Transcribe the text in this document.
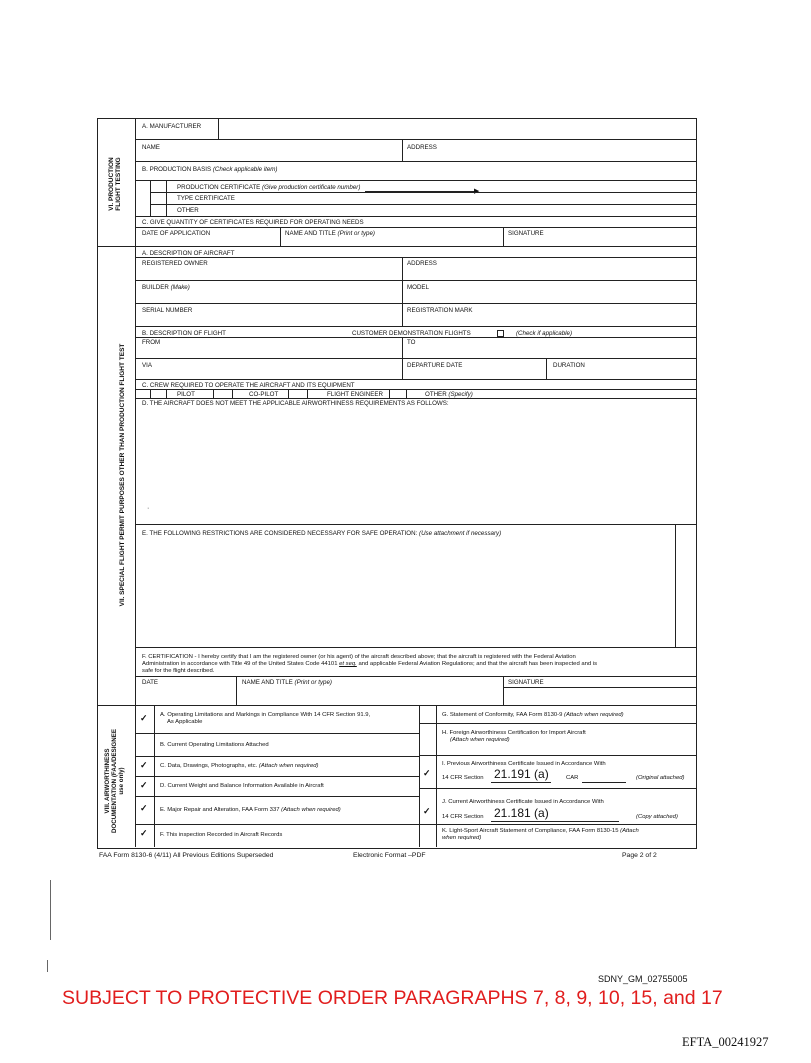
VI. PRODUCTION FLIGHT TESTING
A. MANUFACTURER
NAME	ADDRESS
B. PRODUCTION BASIS (Check applicable item)
PRODUCTION CERTIFICATE (Give production certificate number)
▶
TYPE CERTIFICATE
OTHER
C. GIVE QUANTITY OF CERTIFICATES REQUIRED FOR OPERATING NEEDS
DATE OF APPLICATION	NAME AND TITLE (Print or type)	SIGNATURE
VII. SPECIAL FLIGHT PERMIT PURPOSES OTHER THAN PRODUCTION FLIGHT TEST
A. DESCRIPTION OF AIRCRAFT
REGISTERED OWNER	ADDRESS
BUILDER (Make)	MODEL
SERIAL NUMBER	REGISTRATION MARK
B. DESCRIPTION OF FLIGHT	CUSTOMER DEMONSTRATION FLIGHTS	(Check if applicable)
FROM	TO
VIA	DEPARTURE DATE	DURATION
C. CREW REQUIRED TO OPERATE THE AIRCRAFT AND ITS EQUIPMENT
PILOT	CO-PILOT	FLIGHT ENGINEER	OTHER (Specify)
D. THE AIRCRAFT DOES NOT MEET THE APPLICABLE AIRWORTHINESS REQUIREMENTS AS FOLLOWS:
·
E. THE FOLLOWING RESTRICTIONS ARE CONSIDERED NECESSARY FOR SAFE OPERATION: (Use attachment if necessary)
F. CERTIFICATION - I hereby certify that I am the registered owner (or his agent) of the aircraft described above; that the aircraft is registered with the Federal Aviation
Administration in accordance with Title 49 of the United States Code 44101 et seq. and applicable Federal Aviation Regulations; and that the aircraft has been inspected and is
safe for the flight described.
DATE	NAME AND TITLE (Print or type)	SIGNATURE
VIII. AIRWORTHINESS DOCUMENTATION (FAA/DESIGNEE use only)
✓ A. Operating Limitations and Markings in Compliance With 14 CFR Section 91.9,
As Applicable
B. Current Operating Limitations Attached
✓ C. Data, Drawings, Photographs, etc. (Attach when required)
✓ D. Current Weight and Balance Information Available in Aircraft
✓ E. Major Repair and Alteration, FAA Form 337 (Attach when required)
✓ F. This inspection Recorded in Aircraft Records
G. Statement of Conformity, FAA Form 8130-9 (Attach when required)
H. Foreign Airworthiness Certification for Import Aircraft
(Attach when required)
✓
I. Previous Airworthiness Certificate Issued in Accordance With
14 CFR Section 21.191 (a)	CAR	(Original attached)
✓
J. Current Airworthiness Certificate Issued in Accordance With
14 CFR Section 21.181 (a)	(Copy attached)
K. Light-Sport Aircraft Statement of Compliance, FAA Form 8130-15 (Attach
when required)
FAA Form 8130-6 (4/11) All Previous Editions Superseded	Electronic Format –PDF	Page 2 of 2
SDNY_GM_02755005
SUBJECT TO PROTECTIVE ORDER PARAGRAPHS 7, 8, 9, 10, 15, and 17
EFTA_00241927
